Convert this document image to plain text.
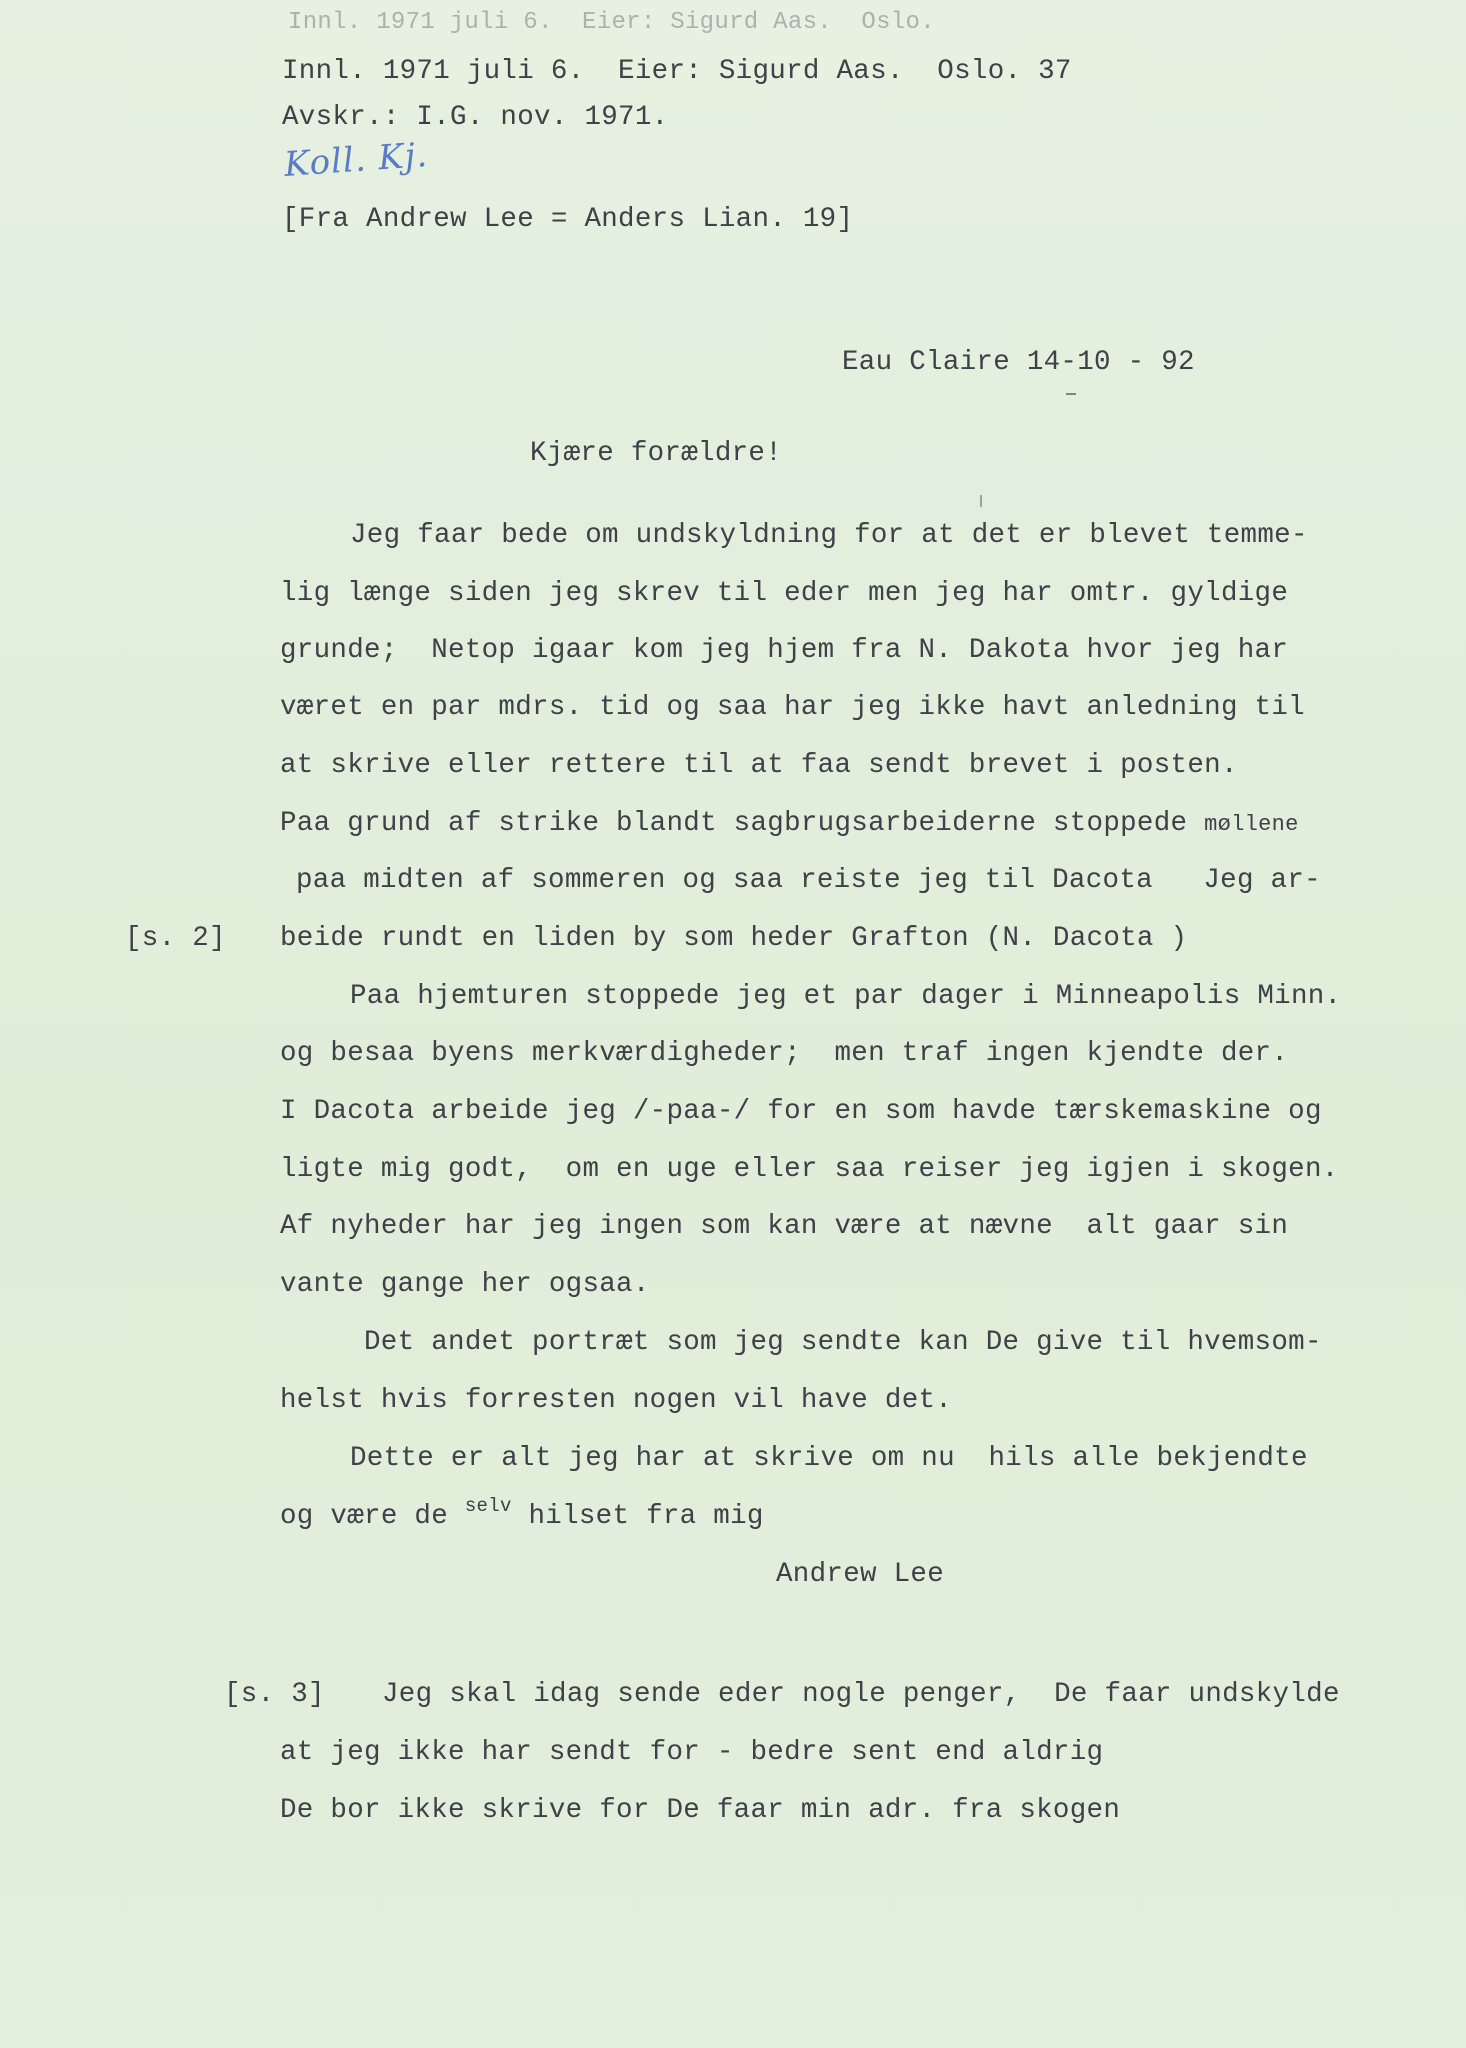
Innl. 1971 juli 6.  Eier: Sigurd Aas.  Oslo.
Innl. 1971 juli 6.  Eier: Sigurd Aas.  Oslo. 37
Avskr.: I.G. nov. 1971.
Koll. Kj.
[Fra Andrew Lee = Anders Lian. 19]
Eau Claire 14-10 - 92
Kjære forældre!
Jeg faar bede om undskyldning for at det er blevet temme-
lig længe siden jeg skrev til eder men jeg har omtr. gyldige
grunde;  Netop igaar kom jeg hjem fra N. Dakota hvor jeg har
været en par mdrs. tid og saa har jeg ikke havt anledning til
at skrive eller rettere til at faa sendt brevet i posten.
Paa grund af strike blandt sagbrugsarbeiderne stoppede møllene
paa midten af sommeren og saa reiste jeg til Dacota   Jeg ar-
[s. 2] beide rundt en liden by som heder Grafton (N. Dacota )
Paa hjemturen stoppede jeg et par dager i Minneapolis Minn.
og besaa byens merkværdigheder;  men traf ingen kjendte der.
I Dacota arbeide jeg /-paa-/ for en som havde tærskemaskine og
ligte mig godt,  om en uge eller saa reiser jeg igjen i skogen.
Af nyheder har jeg ingen som kan være at nævne  alt gaar sin
vante gange her ogsaa.
Det andet portræt som jeg sendte kan De give til hvemsom-
helst hvis forresten nogen vil have det.
Dette er alt jeg har at skrive om nu  hils alle bekjendte
og være de $^{selv}$ hilset fra mig
Andrew Lee
[s. 3] Jeg skal idag sende eder nogle penger,  De faar undskylde
at jeg ikke har sendt for - bedre sent end aldrig
De bor ikke skrive for De faar min adr. fra skogen
